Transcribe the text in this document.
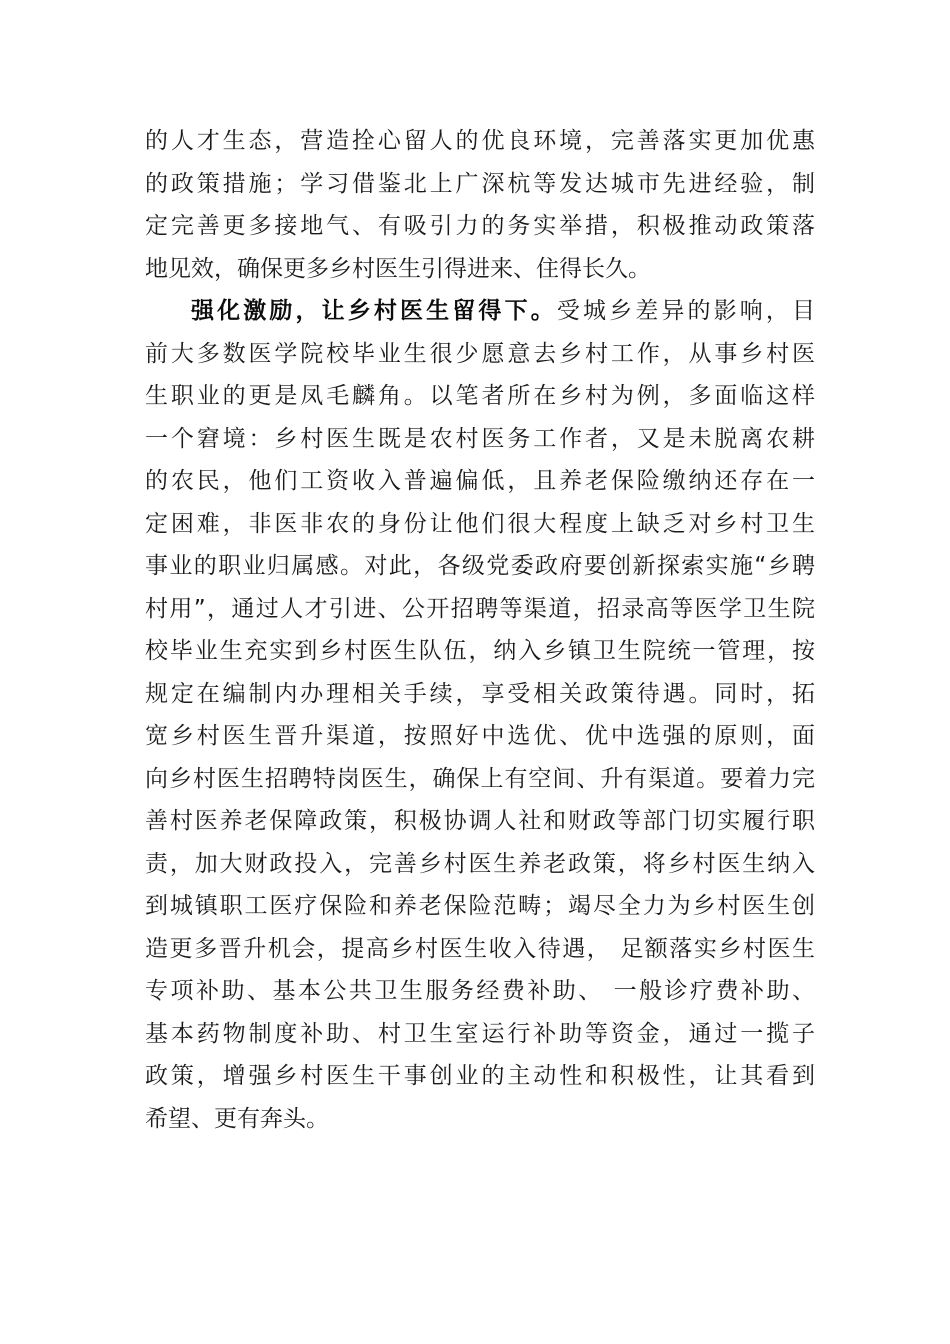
的人才生态，营造拴心留人的优良环境，完善落实更加优惠
的政策措施；学习借鉴北上广深杭等发达城市先进经验，制
定完善更多接地气、有吸引力的务实举措，积极推动政策落
地见效，确保更多乡村医生引得进来、住得长久。
强化激励，让乡村医生留得下。受城乡差异的影响，目
前大多数医学院校毕业生很少愿意去乡村工作，从事乡村医
生职业的更是凤毛麟角。以笔者所在乡村为例，多面临这样
一个窘境：乡村医生既是农村医务工作者，又是未脱离农耕
的农民，他们工资收入普遍偏低，且养老保险缴纳还存在一
定困难，非医非农的身份让他们很大程度上缺乏对乡村卫生
事业的职业归属感。对此，各级党委政府要创新探索实施“乡聘
村用”，通过人才引进、公开招聘等渠道，招录高等医学卫生院
校毕业生充实到乡村医生队伍，纳入乡镇卫生院统一管理，按
规定在编制内办理相关手续，享受相关政策待遇。同时，拓
宽乡村医生晋升渠道，按照好中选优、优中选强的原则，面
向乡村医生招聘特岗医生，确保上有空间、升有渠道。要着力完
善村医养老保障政策，积极协调人社和财政等部门切实履行职
责，加大财政投入，完善乡村医生养老政策，将乡村医生纳入
到城镇职工医疗保险和养老保险范畴；竭尽全力为乡村医生创
造更多晋升机会，提高乡村医生收入待遇， 足额落实乡村医生
专项补助、基本公共卫生服务经费补助、 一般诊疗费补助、
基本药物制度补助、村卫生室运行补助等资金，通过一揽子
政策，增强乡村医生干事创业的主动性和积极性，让其看到
希望、更有奔头。
